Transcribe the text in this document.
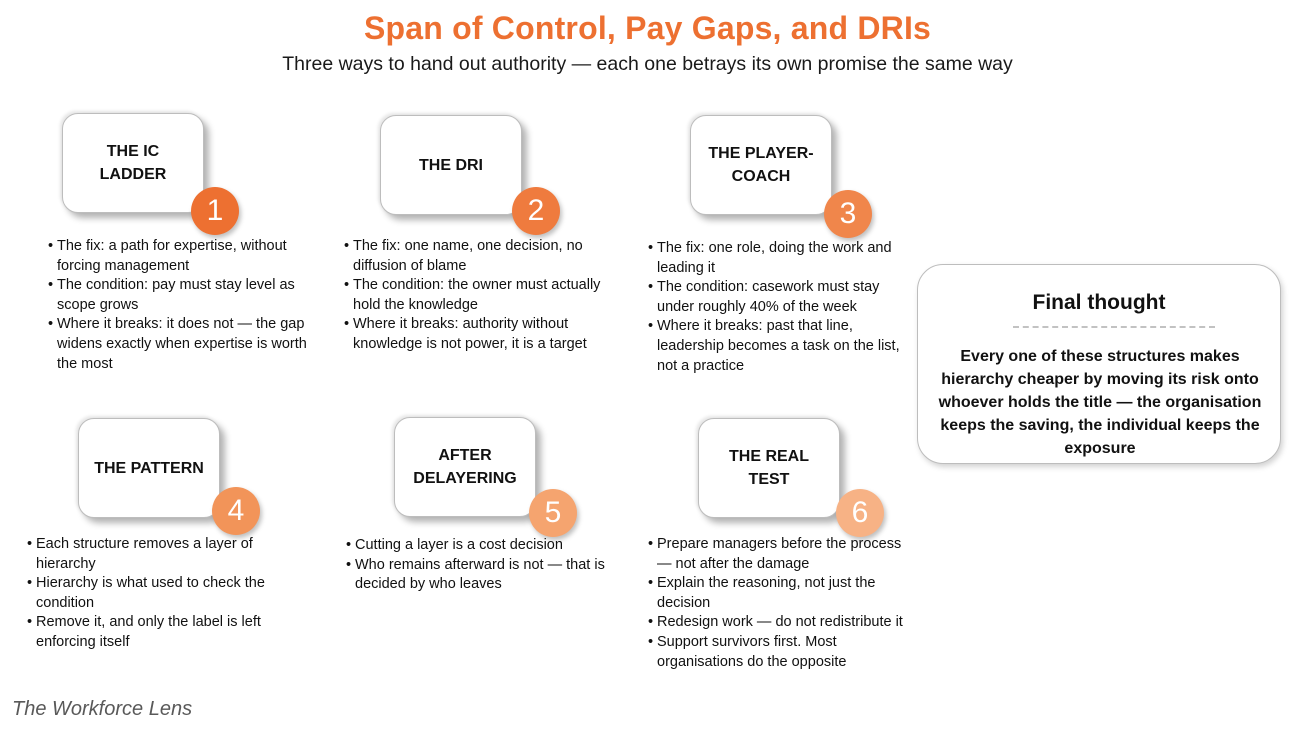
Span of Control, Pay Gaps, and DRIs
Three ways to hand out authority — each one betrays its own promise the same way
THE IC
LADDER
1
• The fix: a path for expertise, without forcing management
• The condition: pay must stay level as scope grows
• Where it breaks: it does not — the gap widens exactly when expertise is worth the most
THE DRI
2
• The fix: one name, one decision, no diffusion of blame
• The condition: the owner must actually hold the knowledge
• Where it breaks: authority without knowledge is not power, it is a target
THE PLAYER-
COACH
3
• The fix: one role, doing the work and leading it
• The condition: casework must stay under roughly 40% of the week
• Where it breaks: past that line, leadership becomes a task on the list, not a practice
THE PATTERN
4
• Each structure removes a layer of hierarchy
• Hierarchy is what used to check the condition
• Remove it, and only the label is left enforcing itself
AFTER
DELAYERING
5
• Cutting a layer is a cost decision
• Who remains afterward is not — that is decided by who leaves
THE REAL
TEST
6
• Prepare managers before the process — not after the damage
• Explain the reasoning, not just the decision
• Redesign work — do not redistribute it
• Support survivors first. Most organisations do the opposite
Final thought
Every one of these structures makes hierarchy cheaper by moving its risk onto whoever holds the title — the organisation keeps the saving, the individual keeps the exposure
The Workforce Lens
